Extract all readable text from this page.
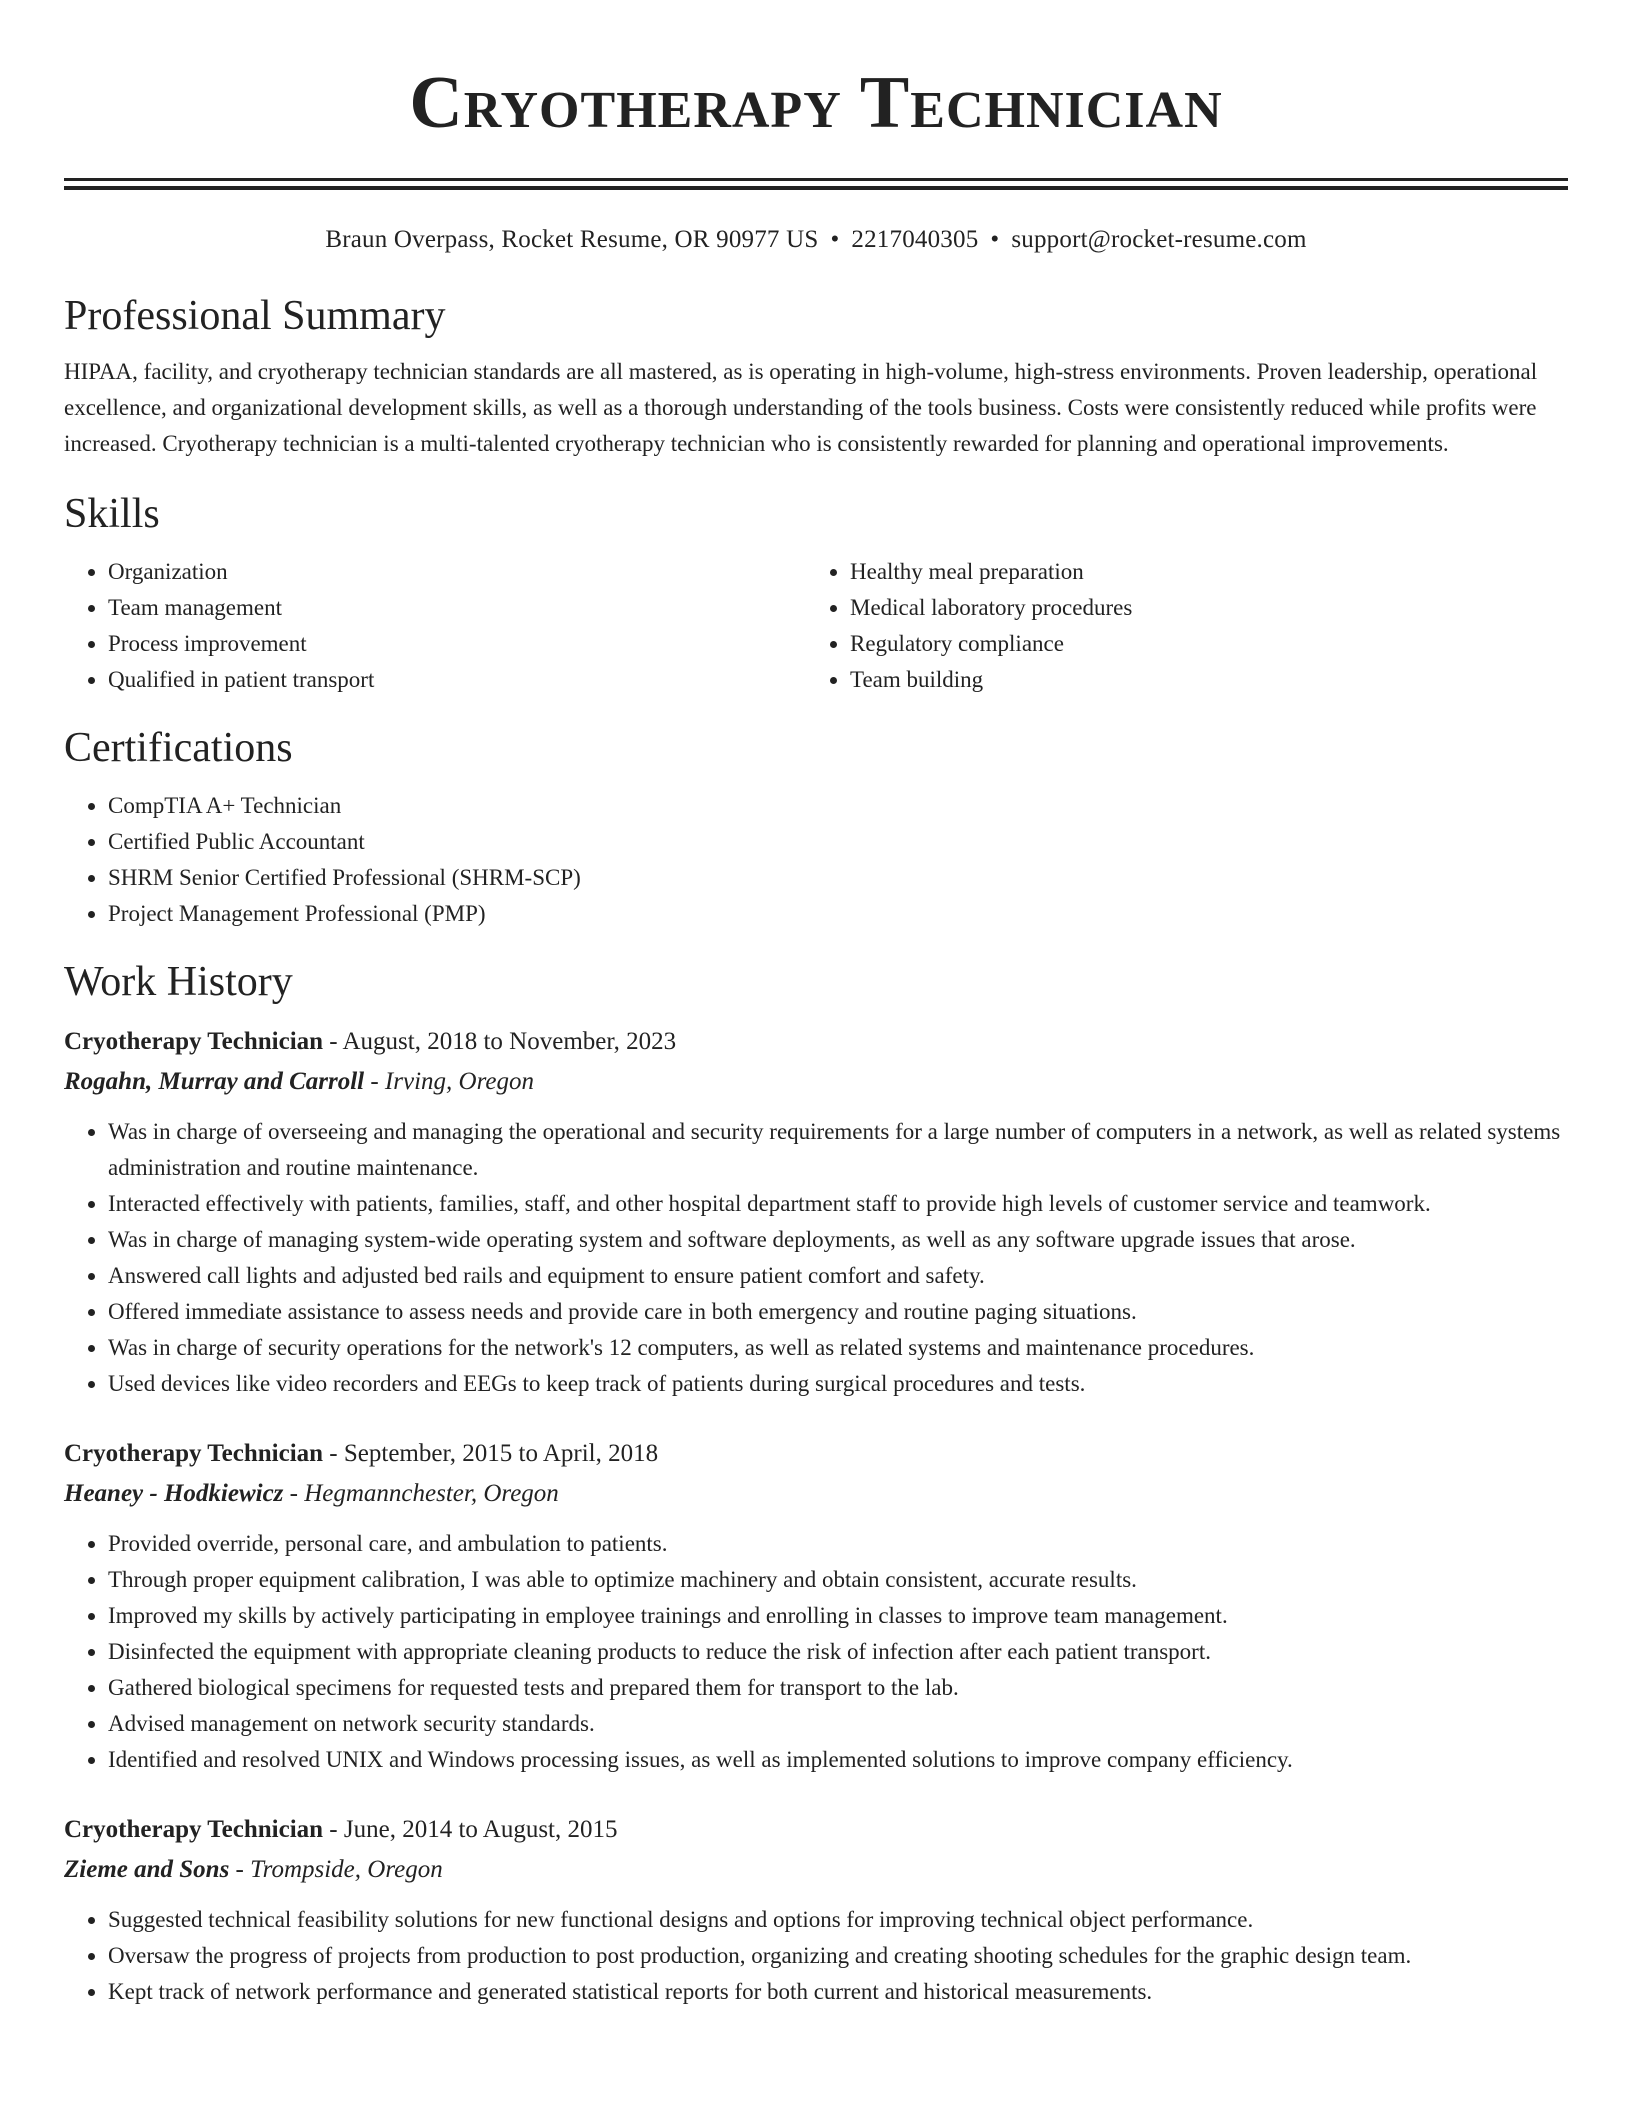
Cryotherapy Technician
Braun Overpass, Rocket Resume, OR 90977 US • 2217040305 • support@rocket-resume.com
Professional Summary

HIPAA, facility, and cryotherapy technician standards are all mastered, as is operating in high-volume, high-stress environments. Proven leadership, operational excellence, and organizational development skills, as well as a thorough understanding of the tools business. Costs were consistently reduced while profits were increased. Cryotherapy technician is a multi-talented cryotherapy technician who is consistently rewarded for planning and operational improvements.

Skills
• Organization
• Team management
• Process improvement
• Qualified in patient transport
• Healthy meal preparation
• Medical laboratory procedures
• Regulatory compliance
• Team building
Certifications
• CompTIA A+ Technician
• Certified Public Accountant
• SHRM Senior Certified Professional (SHRM-SCP)
• Project Management Professional (PMP)
Work History
Cryotherapy Technician - August, 2018 to November, 2023
Rogahn, Murray and Carroll - Irving, Oregon
• Was in charge of overseeing and managing the operational and security requirements for a large number of computers in a network, as well as related systems administration and routine maintenance.
• Interacted effectively with patients, families, staff, and other hospital department staff to provide high levels of customer service and teamwork.
• Was in charge of managing system-wide operating system and software deployments, as well as any software upgrade issues that arose.
• Answered call lights and adjusted bed rails and equipment to ensure patient comfort and safety.
• Offered immediate assistance to assess needs and provide care in both emergency and routine paging situations.
• Was in charge of security operations for the network's 12 computers, as well as related systems and maintenance procedures.
• Used devices like video recorders and EEGs to keep track of patients during surgical procedures and tests.
Cryotherapy Technician - September, 2015 to April, 2018
Heaney - Hodkiewicz - Hegmannchester, Oregon
• Provided override, personal care, and ambulation to patients.
• Through proper equipment calibration, I was able to optimize machinery and obtain consistent, accurate results.
• Improved my skills by actively participating in employee trainings and enrolling in classes to improve team management.
• Disinfected the equipment with appropriate cleaning products to reduce the risk of infection after each patient transport.
• Gathered biological specimens for requested tests and prepared them for transport to the lab.
• Advised management on network security standards.
• Identified and resolved UNIX and Windows processing issues, as well as implemented solutions to improve company efficiency.
Cryotherapy Technician - June, 2014 to August, 2015
Zieme and Sons - Trompside, Oregon
• Suggested technical feasibility solutions for new functional designs and options for improving technical object performance.
• Oversaw the progress of projects from production to post production, organizing and creating shooting schedules for the graphic design team.
• Kept track of network performance and generated statistical reports for both current and historical measurements.
